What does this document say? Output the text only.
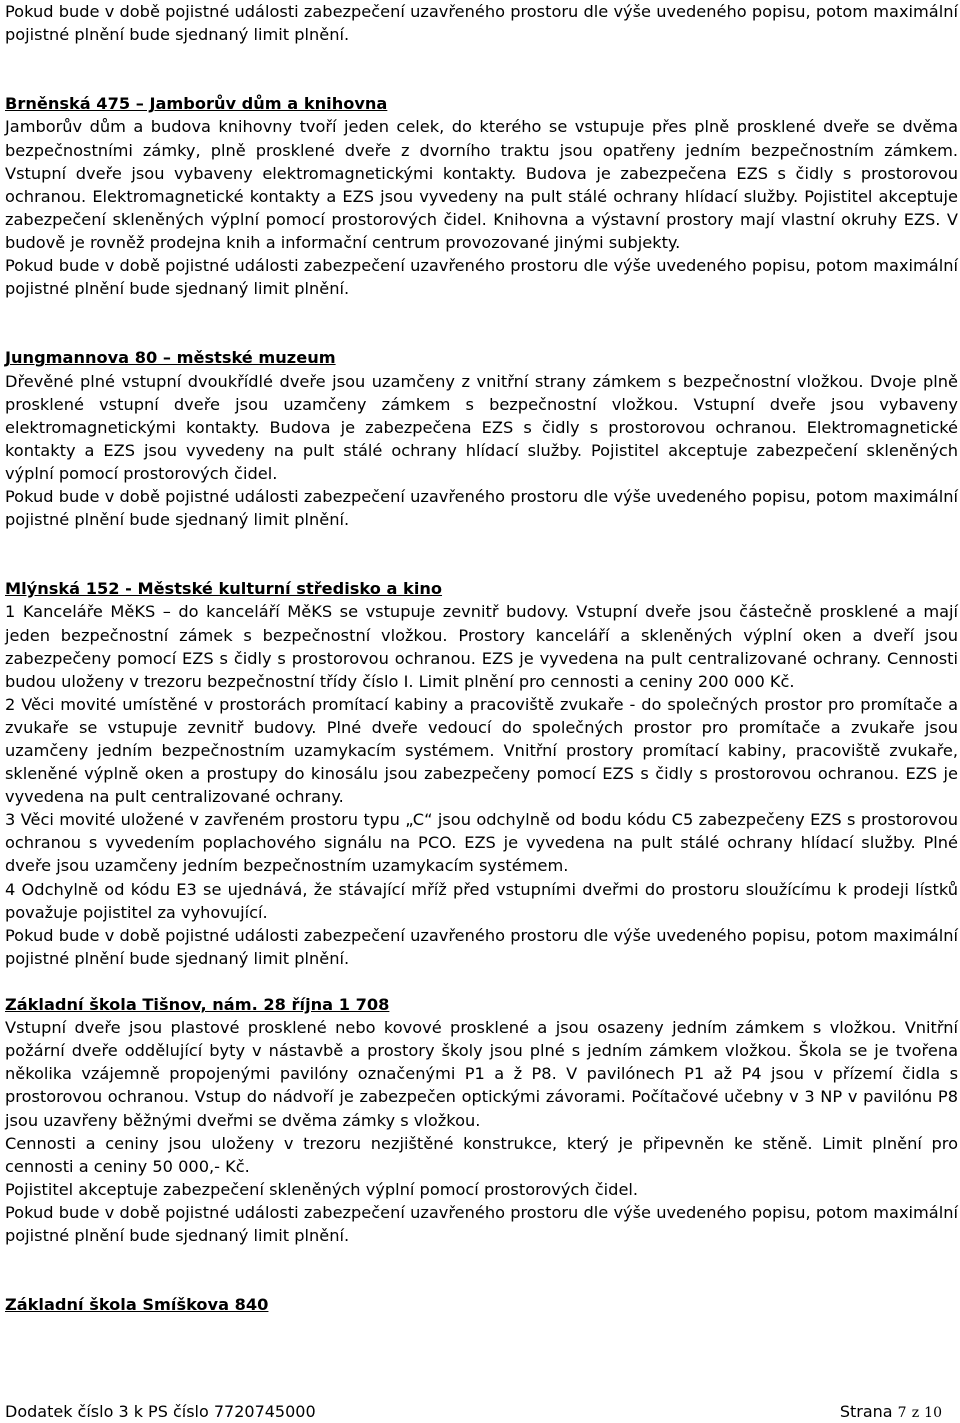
Pokud bude v době pojistné události zabezpečení uzavřeného prostoru dle výše uvedeného popisu, potom maximální pojistné plnění bude sjednaný limit plnění.

Brněnská 475 – Jamborův dům a knihovna

Jamborův dům a budova knihovny tvoří jeden celek, do kterého se vstupuje přes plně prosklené dveře se dvěma bezpečnostními zámky, plně prosklené dveře z dvorního traktu jsou opatřeny jedním bezpečnostním zámkem. Vstupní dveře jsou vybaveny elektromagnetickými kontakty. Budova je zabezpečena EZS s čidly s prostorovou ochranou. Elektromagnetické kontakty a EZS jsou vyvedeny na pult stálé ochrany hlídací služby. Pojistitel akceptuje zabezpečení skleněných výplní pomocí prostorových čidel. Knihovna a výstavní prostory mají vlastní okruhy EZS. V budově je rovněž prodejna knih a informační centrum provozované jinými subjekty.

Pokud bude v době pojistné události zabezpečení uzavřeného prostoru dle výše uvedeného popisu, potom maximální pojistné plnění bude sjednaný limit plnění.

Jungmannova 80 – městské muzeum

Dřevěné plné vstupní dvoukřídlé dveře jsou uzamčeny z vnitřní strany zámkem s bezpečnostní vložkou. Dvoje plně prosklené vstupní dveře jsou uzamčeny zámkem s bezpečnostní vložkou. Vstupní dveře jsou vybaveny elektromagnetickými kontakty. Budova je zabezpečena EZS s čidly s prostorovou ochranou. Elektromagnetické kontakty a EZS jsou vyvedeny na pult stálé ochrany hlídací služby. Pojistitel akceptuje zabezpečení skleněných výplní pomocí prostorových čidel.

Pokud bude v době pojistné události zabezpečení uzavřeného prostoru dle výše uvedeného popisu, potom maximální pojistné plnění bude sjednaný limit plnění.

Mlýnská 152 - Městské kulturní středisko a kino

1 Kanceláře MěKS – do kanceláří MěKS se vstupuje zevnitř budovy. Vstupní dveře jsou částečně prosklené a mají jeden bezpečnostní zámek s bezpečnostní vložkou. Prostory kanceláří a skleněných výplní oken a dveří jsou zabezpečeny pomocí EZS s čidly s prostorovou ochranou. EZS je vyvedena na pult centralizované ochrany. Cennosti budou uloženy v trezoru bezpečnostní třídy číslo I. Limit plnění pro cennosti a ceniny 200 000 Kč.

2 Věci movité umístěné v prostorách promítací kabiny a pracoviště zvukaře - do společných prostor pro promítače a zvukaře se vstupuje zevnitř budovy. Plné dveře vedoucí do společných prostor pro promítače a zvukaře jsou uzamčeny jedním bezpečnostním uzamykacím systémem. Vnitřní prostory promítací kabiny, pracoviště zvukaře, skleněné výplně oken a prostupy do kinosálu jsou zabezpečeny pomocí EZS s čidly s prostorovou ochranou. EZS je vyvedena na pult centralizované ochrany.

3 Věci movité uložené v zavřeném prostoru typu „C“ jsou odchylně od bodu kódu C5 zabezpečeny EZS s prostorovou ochranou s vyvedením poplachového signálu na PCO. EZS je vyvedena na pult stálé ochrany hlídací služby. Plné dveře jsou uzamčeny jedním bezpečnostním uzamykacím systémem.

4 Odchylně od kódu E3 se ujednává, že stávající mříž před vstupními dveřmi do prostoru sloužícímu k prodeji lístků považuje pojistitel za vyhovující.

Pokud bude v době pojistné události zabezpečení uzavřeného prostoru dle výše uvedeného popisu, potom maximální pojistné plnění bude sjednaný limit plnění.

Základní škola Tišnov, nám. 28 října 1 708

Vstupní dveře jsou plastové prosklené nebo kovové prosklené a jsou osazeny jedním zámkem s vložkou. Vnitřní požární dveře oddělující byty v nástavbě a prostory školy jsou plné s jedním zámkem vložkou. Škola se je tvořena několika vzájemně propojenými pavilóny označenými P1 a ž P8. V pavilónech P1 až P4 jsou v přízemí čidla s prostorovou ochranou. Vstup do nádvoří je zabezpečen optickými závorami. Počítačové učebny v 3 NP v pavilónu P8 jsou uzavřeny běžnými dveřmi se dvěma zámky s vložkou.

Cennosti a ceniny jsou uloženy v trezoru nezjištěné konstrukce, který je připevněn ke stěně. Limit plnění pro cennosti a ceniny 50 000,- Kč.

Pojistitel akceptuje zabezpečení skleněných výplní pomocí prostorových čidel.

Pokud bude v době pojistné události zabezpečení uzavřeného prostoru dle výše uvedeného popisu, potom maximální pojistné plnění bude sjednaný limit plnění.

Základní škola Smíškova 840

Dodatek číslo 3 k PS číslo 7720745000	Strana 7 z 10
